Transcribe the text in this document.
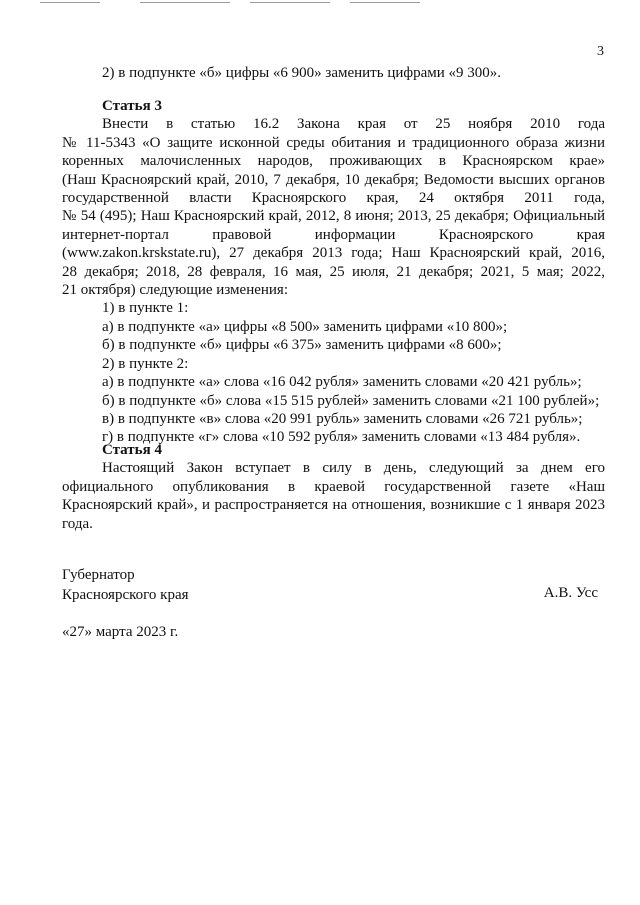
3
2) в подпункте «б» цифры «6 900» заменить цифрами «9 300».
Статья 3
Внести в статью 16.2 Закона края от 25 ноября 2010 года
№ 11-5343 «О защите исконной среды обитания и традиционного образа жизни
коренных малочисленных народов, проживающих в Красноярском крае»
(Наш Красноярский край, 2010, 7 декабря, 10 декабря; Ведомости высших органов
государственной власти Красноярского края, 24 октября 2011 года,
№ 54 (495); Наш Красноярский край, 2012, 8 июня; 2013, 25 декабря; Официальный
интернет-портал правовой информации Красноярского края
(www.zakon.krskstate.ru), 27 декабря 2013 года; Наш Красноярский край, 2016,
28 декабря; 2018, 28 февраля, 16 мая, 25 июля, 21 декабря; 2021, 5 мая; 2022,
21 октября) следующие изменения:
1) в пункте 1:
а) в подпункте «а» цифры «8 500» заменить цифрами «10 800»;
б) в подпункте «б» цифры «6 375» заменить цифрами «8 600»;
2) в пункте 2:
а) в подпункте «а» слова «16 042 рубля» заменить словами «20 421 рубль»;
б) в подпункте «б» слова «15 515 рублей» заменить словами «21 100 рублей»;
в) в подпункте «в» слова «20 991 рубль» заменить словами «26 721 рубль»;
г) в подпункте «г» слова «10 592 рубля» заменить словами «13 484 рубля».
Статья 4
Настоящий Закон вступает в силу в день, следующий за днем его
официального опубликования в краевой государственной газете «Наш
Красноярский край», и распространяется на отношения, возникшие с 1 января 2023
года.
Губернатор
Красноярского края	А.В. Усс
«27» марта 2023 г.
